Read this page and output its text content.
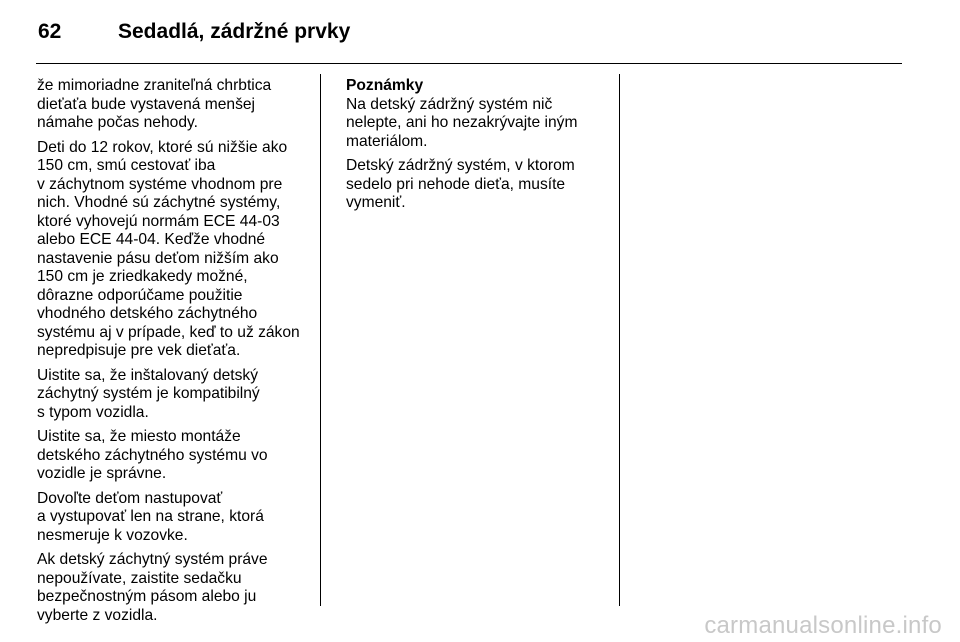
62	Sedadlá, zádržné prvky

že mimoriadne zraniteľná chrbtica
dieťaťa bude vystavená menšej
námahe počas nehody.

Deti do 12 rokov, ktoré sú nižšie ako
150 cm, smú cestovať iba
v záchytnom systéme vhodnom pre
nich. Vhodné sú záchytné systémy,
ktoré vyhovejú normám ECE 44-03
alebo ECE 44-04. Keďže vhodné
nastavenie pásu deťom nižším ako
150 cm je zriedkakedy možné,
dôrazne odporúčame použitie
vhodného detského záchytného
systému aj v prípade, keď to už zákon
nepredpisuje pre vek dieťaťa.

Uistite sa, že inštalovaný detský
záchytný systém je kompatibilný
s typom vozidla.

Uistite sa, že miesto montáže
detského záchytného systému vo
vozidle je správne.

Dovoľte deťom nastupovať
a vystupovať len na strane, ktorá
nesmeruje k vozovke.

Ak detský záchytný systém práve
nepoužívate, zaistite sedačku
bezpečnostným pásom alebo ju
vyberte z vozidla.

Poznámky

Na detský zádržný systém nič
nelepte, ani ho nezakrývajte iným
materiálom.

Detský zádržný systém, v ktorom
sedelo pri nehode dieťa, musíte
vymeniť.

carmanualsonline.info
